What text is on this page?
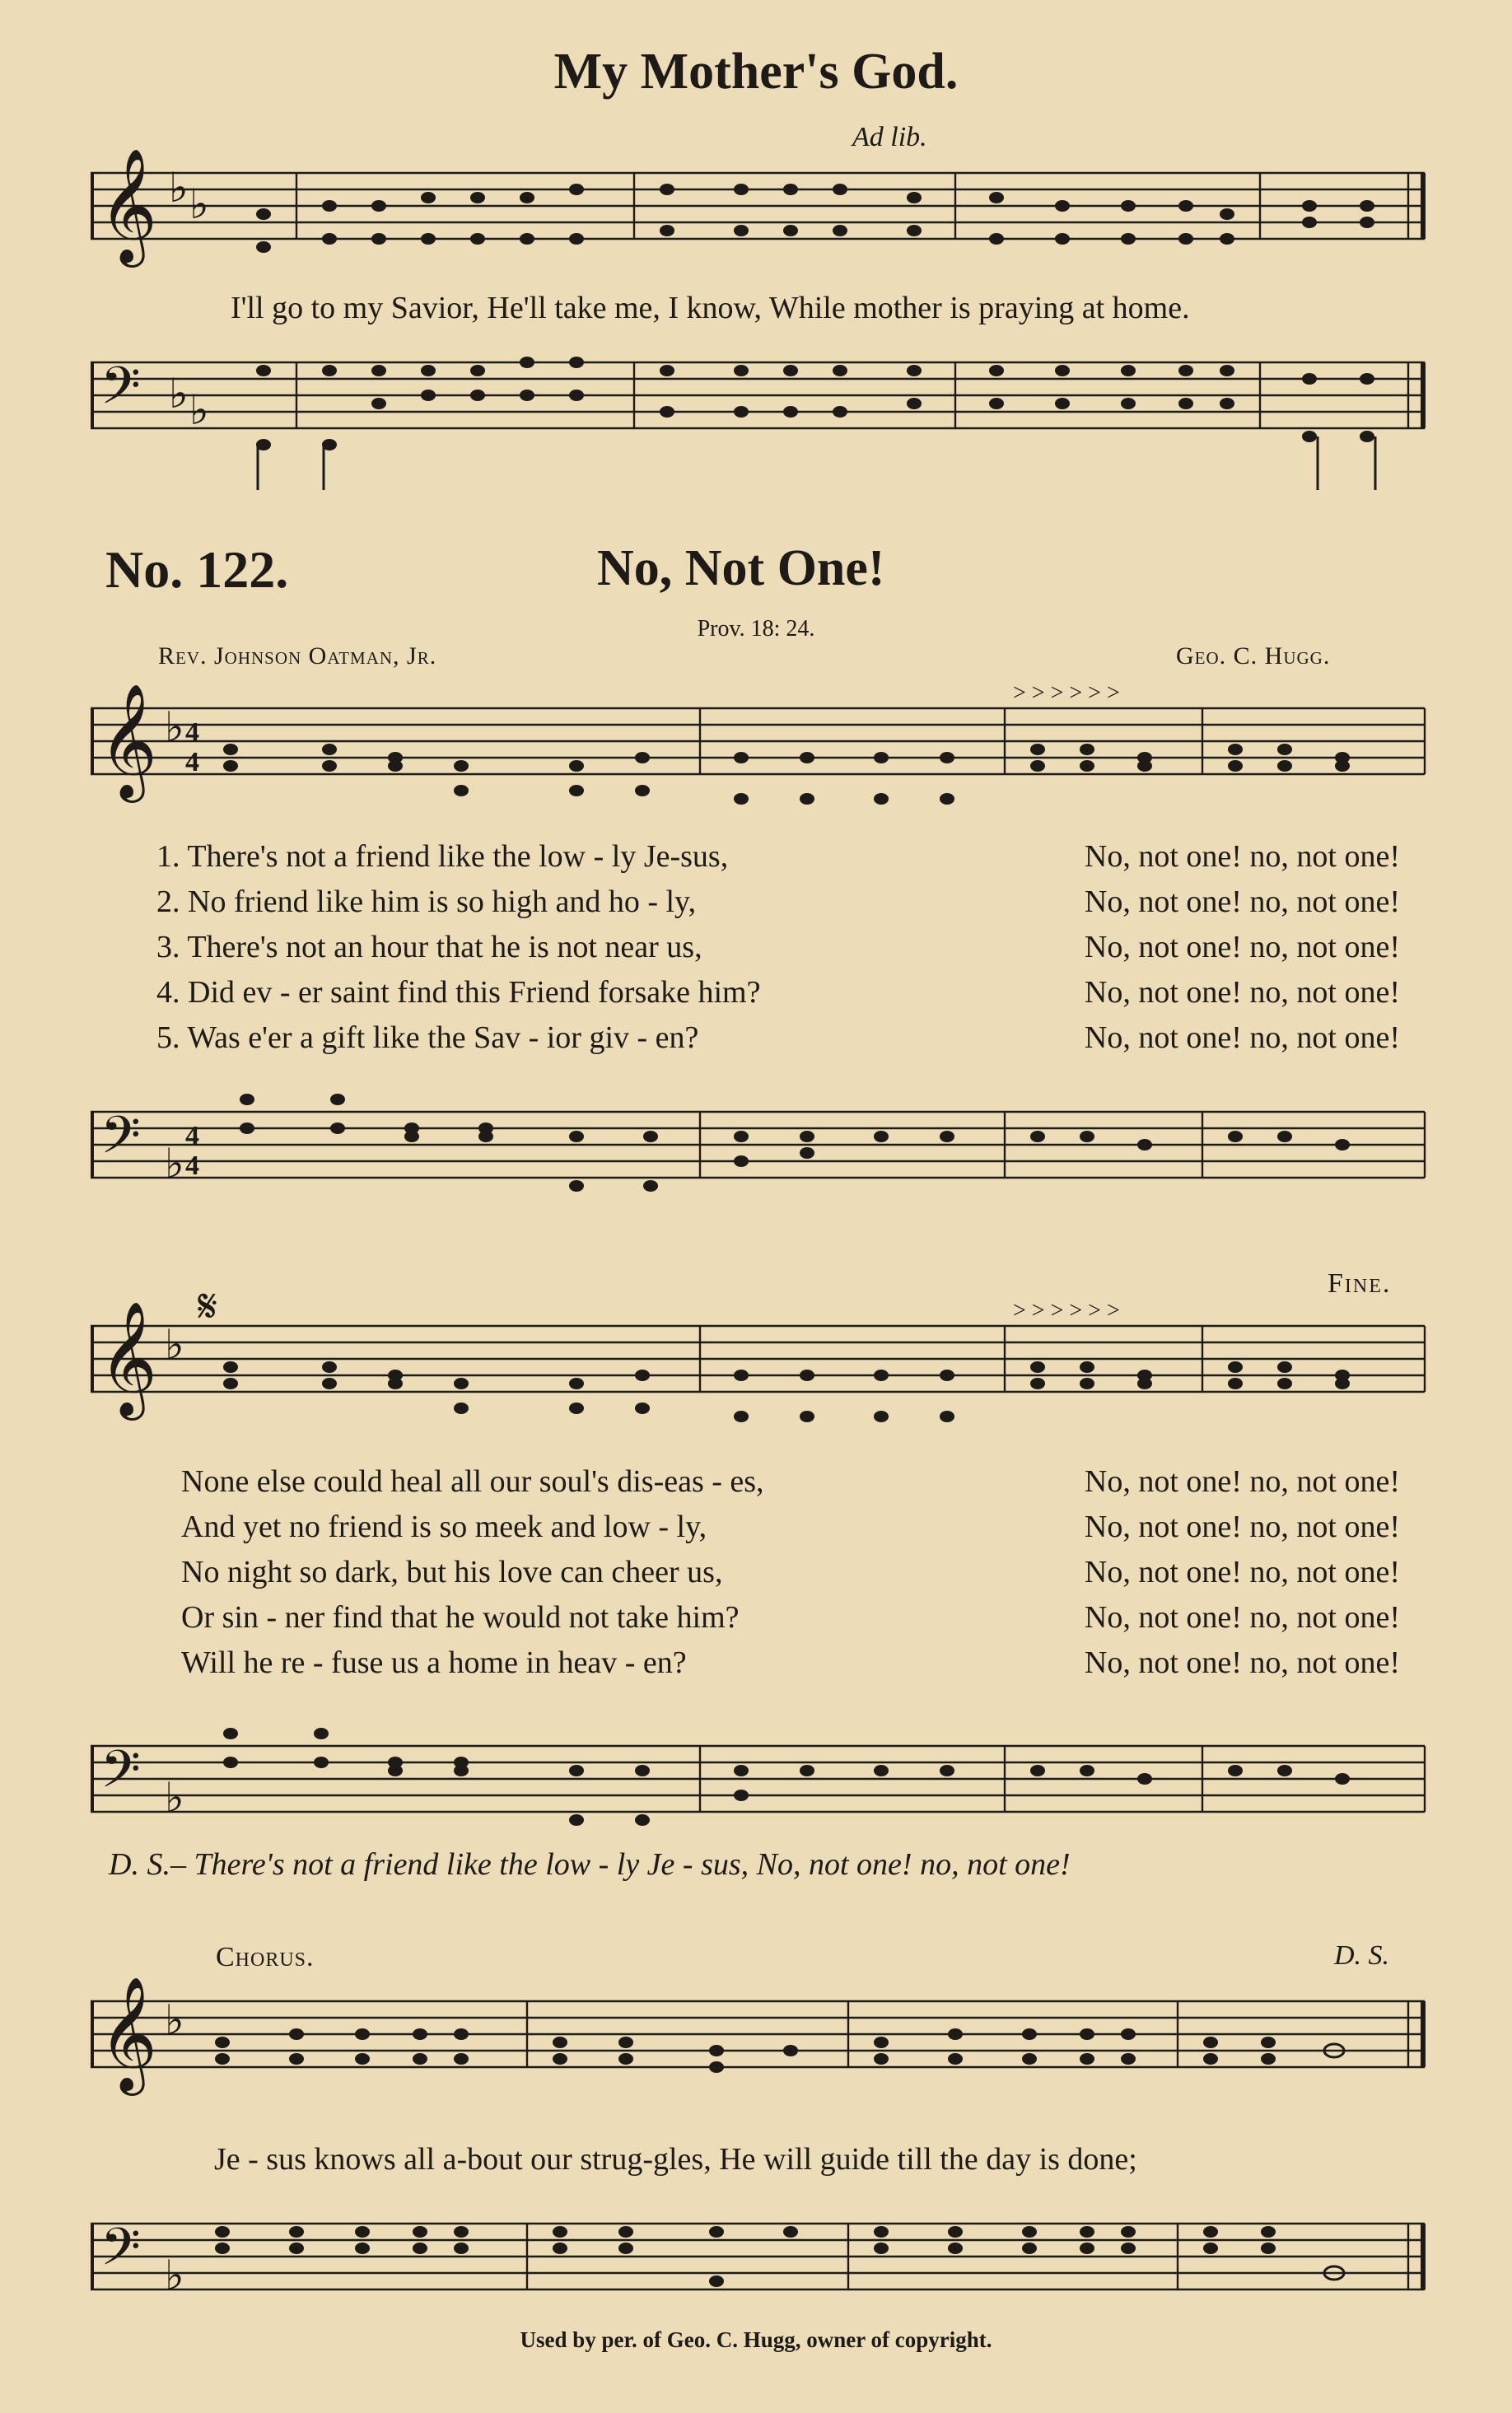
My Mother's God.
Ad lib.
𝄞 ♭ ♭
I'll go to my Savior, He'll take me, I know, While mother is praying at home.
𝄢 ♭ ♭
No. 122.	No, Not One!
Prov. 18: 24.
Rev. Johnson Oatman, Jr.	Geo. C. Hugg.
𝄞 ♭ 4
4
> > > > > >
1. There's not a friend like the low - ly Je-sus,	No, not one! no, not one!
2. No friend like him is so high and ho - ly,	No, not one! no, not one!
3. There's not an hour that he is not near us,	No, not one! no, not one!
4. Did ev - er saint find this Friend forsake him?	No, not one! no, not one!
5. Was e'er a gift like the Sav - ior giv - en?	No, not one! no, not one!
𝄢 ♭
4
4
Fine.
𝄋
𝄞 ♭
> > > > > >
None else could heal all our soul's dis-eas - es,	No, not one! no, not one!
And yet no friend is so meek and low - ly,	No, not one! no, not one!
No night so dark, but his love can cheer us,	No, not one! no, not one!
Or sin - ner find that he would not take him?	No, not one! no, not one!
Will he re - fuse us a home in heav - en?	No, not one! no, not one!
𝄢 ♭
D. S.– There's not a friend like the low - ly Je - sus, No, not one! no, not one!
Chorus.	D. S.
𝄞 ♭
Je - sus knows all a-bout our strug-gles, He will guide till the day is done;
𝄢 ♭
Used by per. of Geo. C. Hugg, owner of copyright.
